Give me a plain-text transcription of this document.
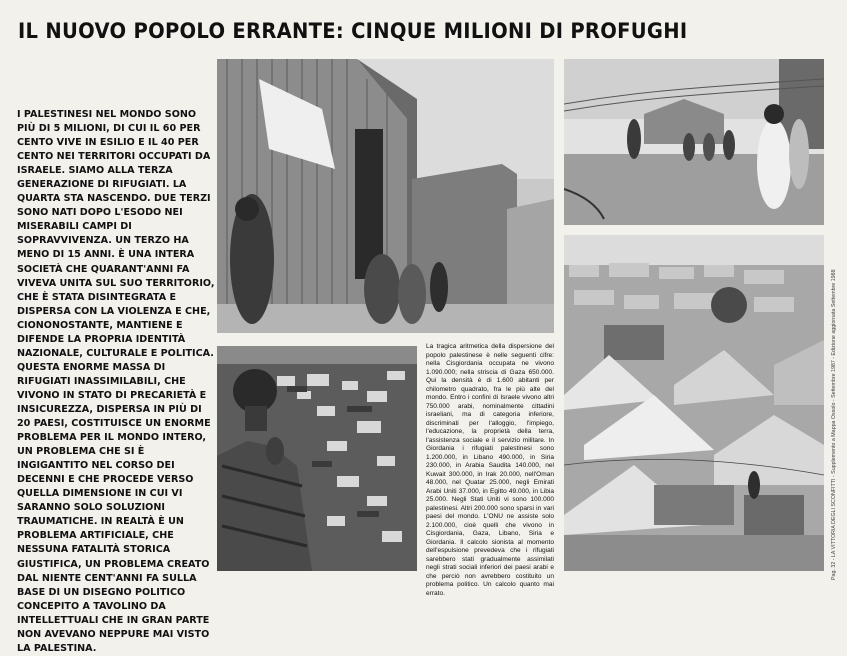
IL NUOVO POPOLO ERRANTE: CINQUE MILIONI DI PROFUGHI
I PALESTINESI NEL MONDO SONO PIÙ DI 5 MILIONI, DI CUI IL 60 PER CENTO VIVE IN ESILIO E IL 40 PER CENTO NEI TERRITORI OCCUPATI DA ISRAELE. SIAMO ALLA TERZA GENERAZIONE DI RIFUGIATI. LA QUARTA STA NASCENDO. DUE TERZI SONO NATI DOPO L'ESODO NEI MISERABILI CAMPI DI SOPRAVVIVENZA. UN TERZO HA MENO DI 15 ANNI. È UNA INTERA SOCIETÀ CHE QUARANT'ANNI FA VIVEVA UNITA SUL SUO TERRITORIO, CHE È STATA DISINTEGRATA E DISPERSA CON LA VIOLENZA E CHE, CIONONOSTANTE, MANTIENE E DIFENDE LA PROPRIA IDENTITÀ NAZIONALE, CULTURALE E POLITICA. QUESTA ENORME MASSA DI RIFUGIATI INASSIMILABILI, CHE VIVONO IN STATO DI PRECARIETÀ E INSICUREZZA, DISPERSA IN PIÙ DI 20 PAESI, COSTITUISCE UN ENORME PROBLEMA PER IL MONDO INTERO, UN PROBLEMA CHE SI È INGIGANTITO NEL CORSO DEI DECENNI E CHE PROCEDE VERSO QUELLA DIMENSIONE IN CUI VI SARANNO SOLO SOLUZIONI TRAUMATICHE. IN REALTÀ È UN PROBLEMA ARTIFICIALE, CHE NESSUNA FATALITÀ STORICA GIUSTIFICA, UN PROBLEMA CREATO DAL NIENTE CENT'ANNI FA SULLA BASE DI UN DISEGNO POLITICO CONCEPITO A TAVOLINO DA INTELLETTUALI CHE IN GRAN PARTE NON AVEVANO NEPPURE MAI VISTO LA PALESTINA.
La tragica aritmetica della dispersione del popolo palestinese è nelle seguenti cifre: nella Cisgiordania occupata ne vivono 1.090.000; nella striscia di Gaza 650.000. Qui la densità è di 1.600 abitanti per chilometro quadrato, fra le più alte del mondo. Entro i confini di Israele vivono altri 750.000 arabi, nominalmente cittadini israeliani, ma di categoria inferiore, discriminati per l'alloggio, l'impiego, l'educazione, la proprietà della terra, l'assistenza sociale e il servizio militare. In Giordania i rifugiati palestinesi sono 1.200.000, in Libano 490.000, in Siria 230.000, in Arabia Saudita 140.000, nel Kuwait 300.000, in Irak 20.000, nell'Oman 48.000, nel Quatar 25.000, negli Emirati Arabi Uniti 37.000, in Egitto 49.000, in Libia 25.000. Negli Stati Uniti vi sono 100.000 palestinesi. Altri 200.000 sono sparsi in vari paesi del mondo. L'ONU ne assiste solo 2.100.000, cioè quelli che vivono in Cisgiordania, Gaza, Libano, Siria e Giordania. Il calcolo sionista al momento dell'espulsione prevedeva che i rifugiati sarebbero stati gradualmente assimilati negli strati sociali inferiori dei paesi arabi e che perciò non avrebbero costituito un problema politico. Un calcolo quanto mai errato.
Pag. 32 - LA VITTORIA DEGLI SCONFITTI - Supplemento a Mappa Ossolo - Settembre 1987 - Edizione aggiornata Settembre 1988
